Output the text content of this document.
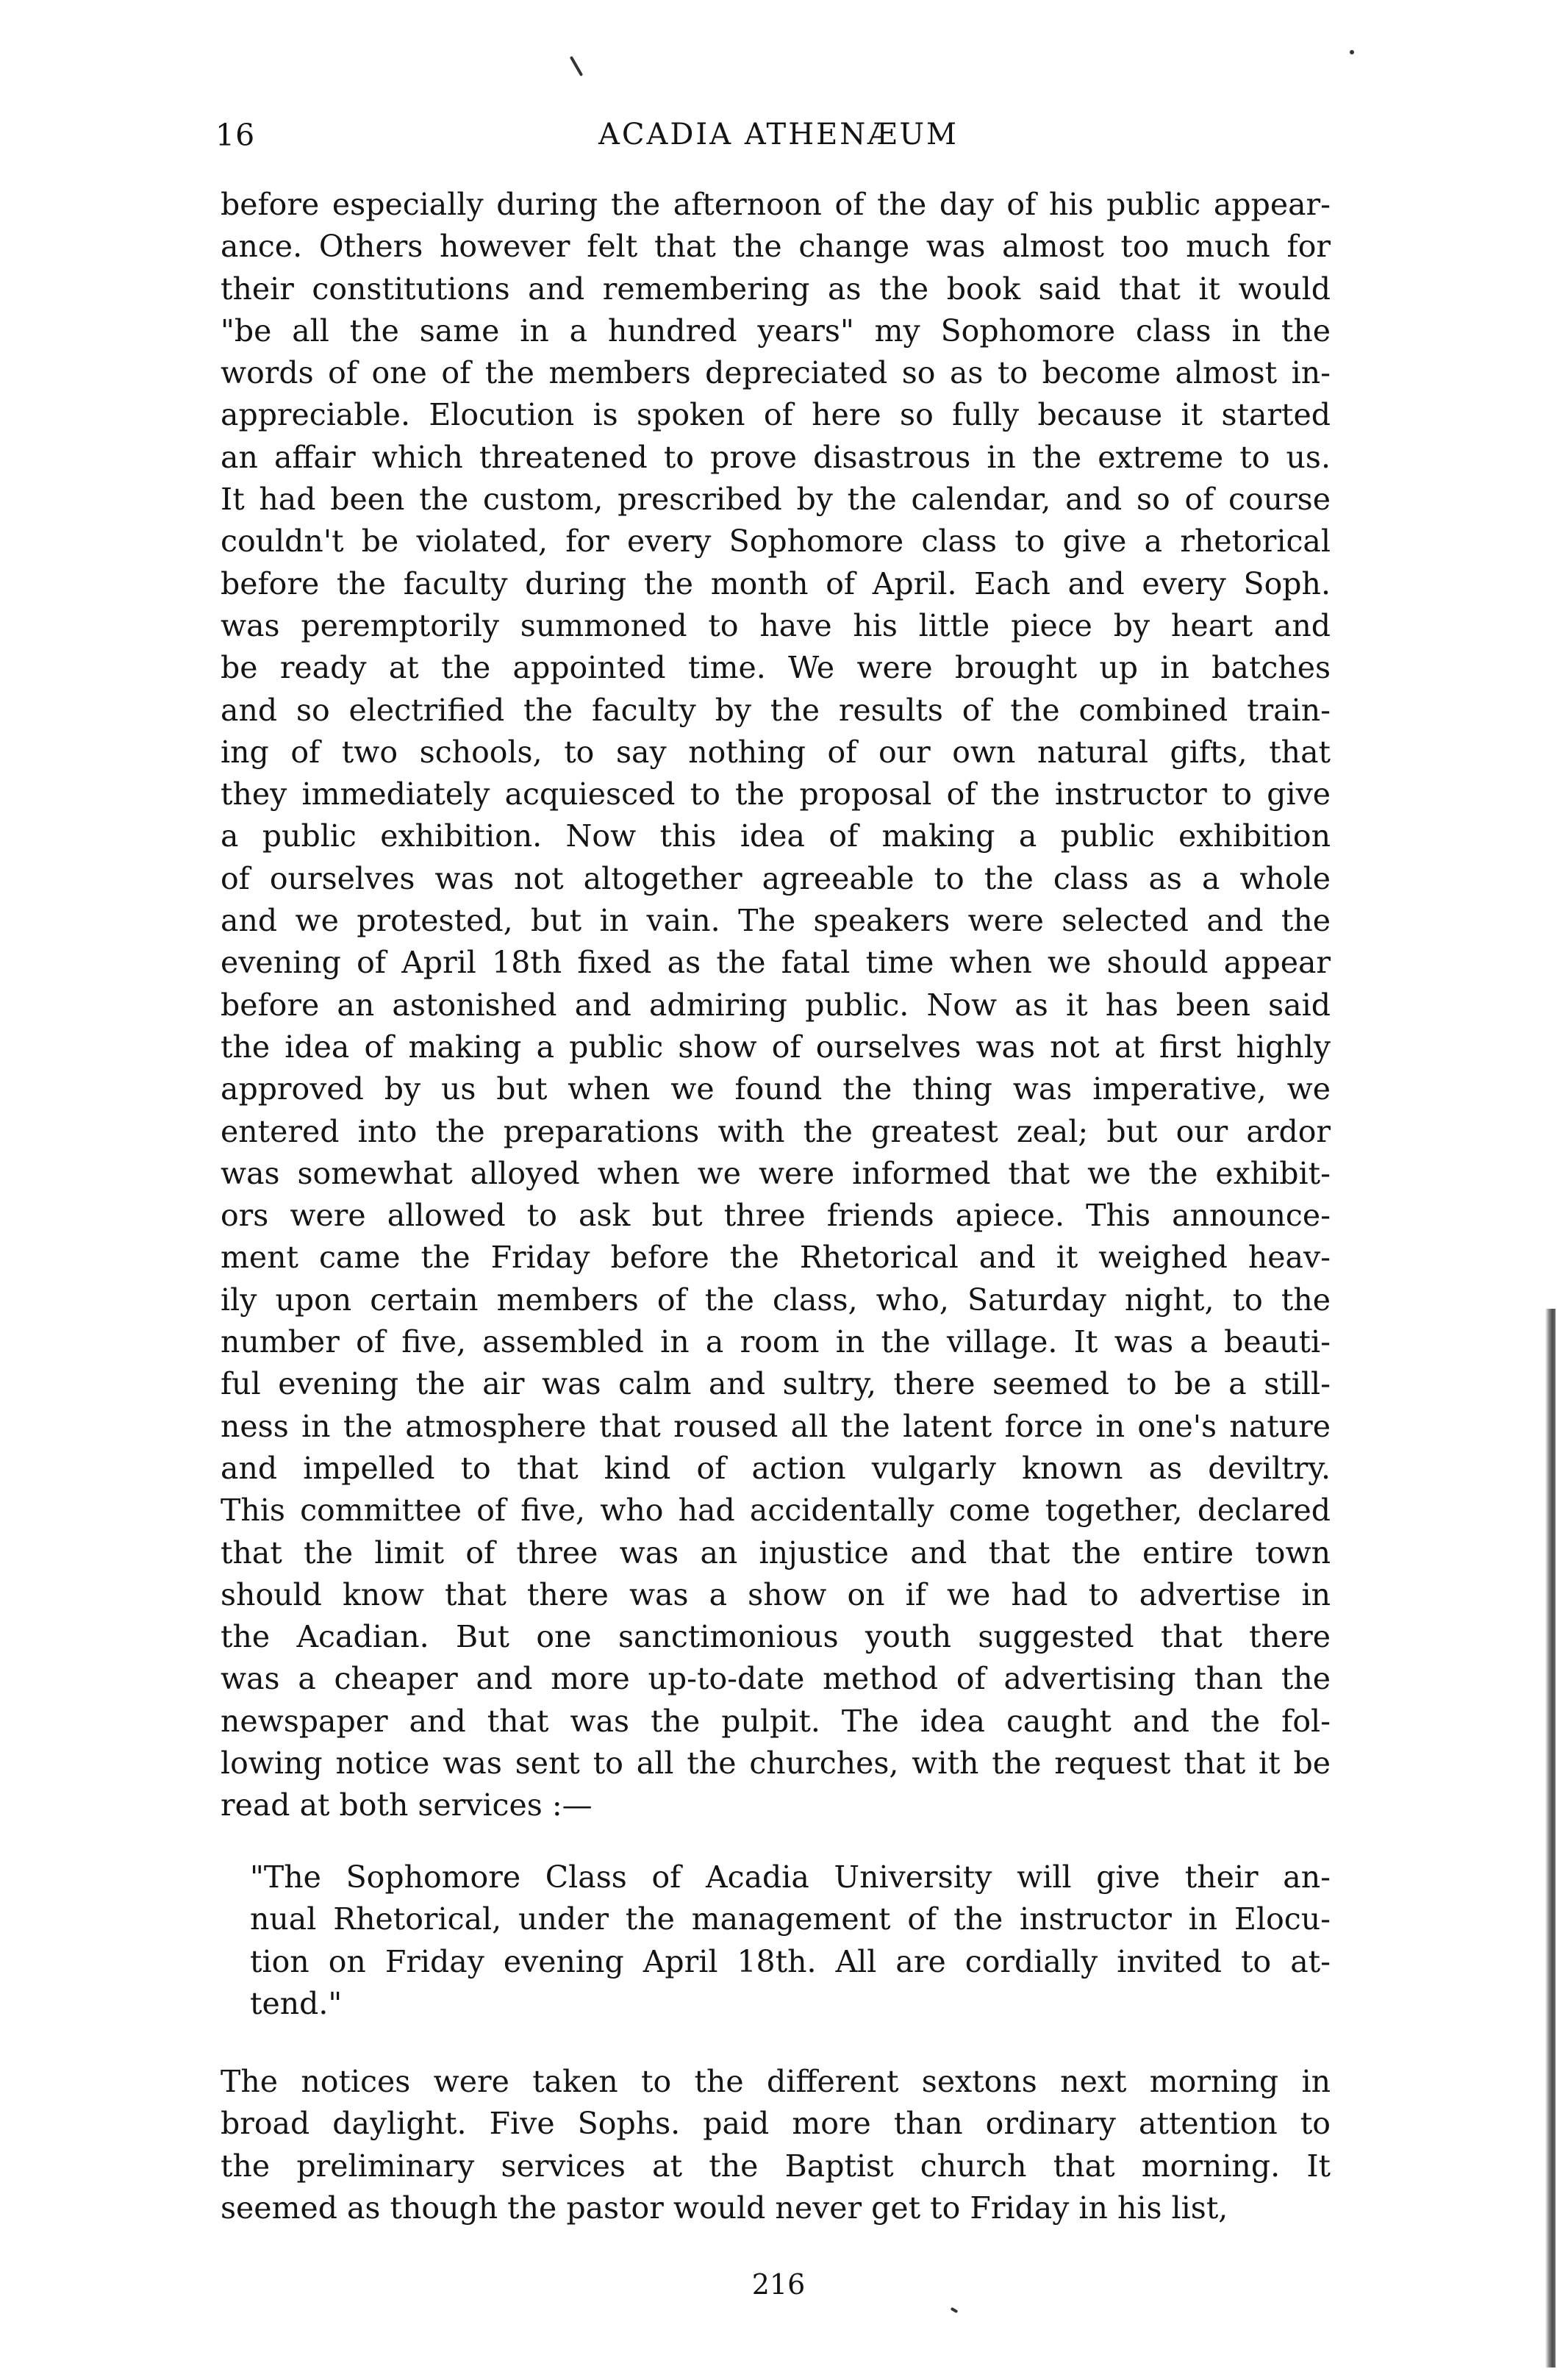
16	ACADIA ATHENÆUM
before especially during the afternoon of the day of his public appear-
ance. Others however felt that the change was almost too much for
their constitutions and remembering as the book said that it would
"be all the same in a hundred years" my Sophomore class in the
words of one of the members depreciated so as to become almost in-
appreciable. Elocution is spoken of here so fully because it started
an affair which threatened to prove disastrous in the extreme to us.
It had been the custom, prescribed by the calendar, and so of course
couldn't be violated, for every Sophomore class to give a rhetorical
before the faculty during the month of April. Each and every Soph.
was peremptorily summoned to have his little piece by heart and
be ready at the appointed time. We were brought up in batches
and so electrified the faculty by the results of the combined train-
ing of two schools, to say nothing of our own natural gifts, that
they immediately acquiesced to the proposal of the instructor to give
a public exhibition. Now this idea of making a public exhibition
of ourselves was not altogether agreeable to the class as a whole
and we protested, but in vain. The speakers were selected and the
evening of April 18th fixed as the fatal time when we should appear
before an astonished and admiring public. Now as it has been said
the idea of making a public show of ourselves was not at first highly
approved by us but when we found the thing was imperative, we
entered into the preparations with the greatest zeal; but our ardor
was somewhat alloyed when we were informed that we the exhibit-
ors were allowed to ask but three friends apiece. This announce-
ment came the Friday before the Rhetorical and it weighed heav-
ily upon certain members of the class, who, Saturday night, to the
number of five, assembled in a room in the village. It was a beauti-
ful evening the air was calm and sultry, there seemed to be a still-
ness in the atmosphere that roused all the latent force in one's nature
and impelled to that kind of action vulgarly known as deviltry.
This committee of five, who had accidentally come together, declared
that the limit of three was an injustice and that the entire town
should know that there was a show on if we had to advertise in
the Acadian. But one sanctimonious youth suggested that there
was a cheaper and more up-to-date method of advertising than the
newspaper and that was the pulpit. The idea caught and the fol-
lowing notice was sent to all the churches, with the request that it be
read at both services :—
"The Sophomore Class of Acadia University will give their an-
nual Rhetorical, under the management of the instructor in Elocu-
tion on Friday evening April 18th. All are cordially invited to at-
tend."
The notices were taken to the different sextons next morning in
broad daylight. Five Sophs. paid more than ordinary attention to
the preliminary services at the Baptist church that morning. It
seemed as though the pastor would never get to Friday in his list,
216
